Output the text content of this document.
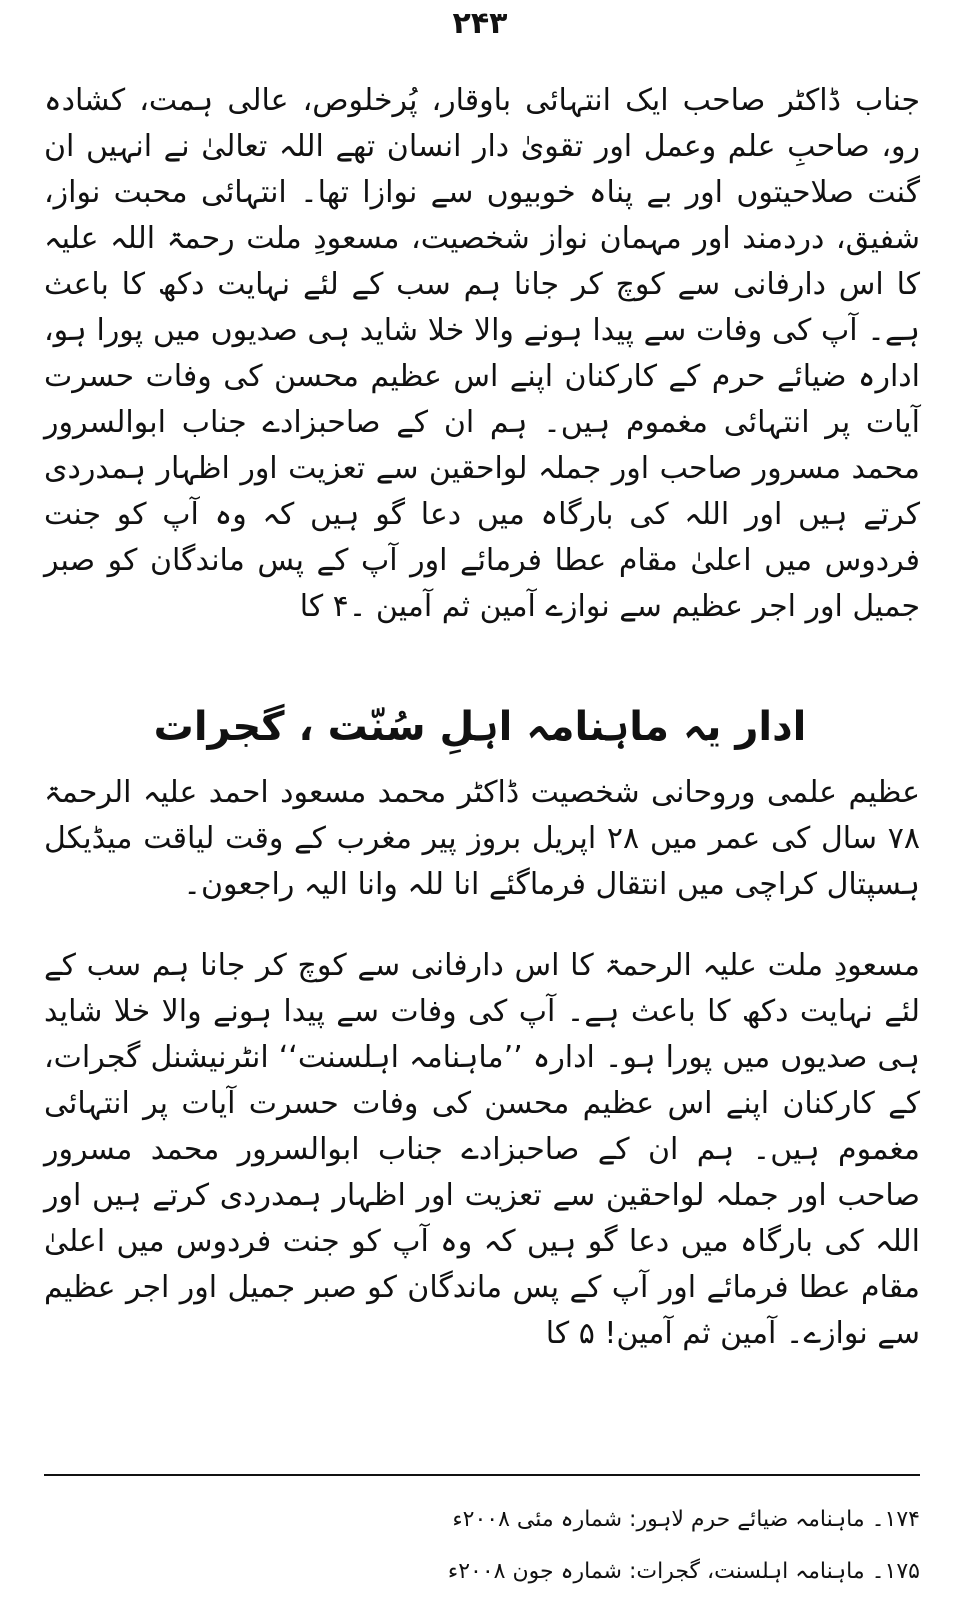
۲۴۳

جناب ڈاکٹر صاحب ایک انتہائی باوقار، پُرخلوص، عالی ہمت، کشادہ رو، صاحبِ علم وعمل اور تقویٰ دار انسان تھے اللہ تعالیٰ نے انہیں ان گنت صلاحیتوں اور بے پناہ خوبیوں سے نوازا تھا۔ انتہائی محبت نواز، شفیق، دردمند اور مہمان نواز شخصیت، مسعودِ ملت رحمۃ اللہ علیہ کا اس دارفانی سے کوچ کر جانا ہم سب کے لئے نہایت دکھ کا باعث ہے۔ آپ کی وفات سے پیدا ہونے والا خلا شاید ہی صدیوں میں پورا ہو، ادارہ ضیائے حرم کے کارکنان اپنے اس عظیم محسن کی وفات حسرت آیات پر انتہائی مغموم ہیں۔ ہم ان کے صاحبزادے جناب ابوالسرور محمد مسرور صاحب اور جملہ لواحقین سے تعزیت اور اظہار ہمدردی کرتے ہیں اور اللہ کی بارگاہ میں دعا گو ہیں کہ وہ آپ کو جنت فردوس میں اعلیٰ مقام عطا فرمائے اور آپ کے پس ماندگان کو صبر جمیل اور اجر عظیم سے نوازے آمین ثم آمین ۔۴ کا

ادار یہ ماہنامہ اہلِ سُنّت ، گجرات

عظیم علمی وروحانی شخصیت ڈاکٹر محمد مسعود احمد علیہ الرحمۃ ۷۸ سال کی عمر میں ۲۸ اپریل بروز پیر مغرب کے وقت لیاقت میڈیکل ہسپتال کراچی میں انتقال فرماگئے انا للہ وانا الیہ راجعون۔

مسعودِ ملت علیہ الرحمۃ کا اس دارفانی سے کوچ کر جانا ہم سب کے لئے نہایت دکھ کا باعث ہے۔ آپ کی وفات سے پیدا ہونے والا خلا شاید ہی صدیوں میں پورا ہو۔ ادارہ ’’ماہنامہ اہلسنت‘‘ انٹرنیشنل گجرات، کے کارکنان اپنے اس عظیم محسن کی وفات حسرت آیات پر انتہائی مغموم ہیں۔ ہم ان کے صاحبزادے جناب ابوالسرور محمد مسرور صاحب اور جملہ لواحقین سے تعزیت اور اظہار ہمدردی کرتے ہیں اور اللہ کی بارگاہ میں دعا گو ہیں کہ وہ آپ کو جنت فردوس میں اعلیٰ مقام عطا فرمائے اور آپ کے پس ماندگان کو صبر جمیل اور اجر عظیم سے نوازے۔ آمین ثم آمین! ۵ کا

۱۷۴۔ ماہنامہ ضیائے حرم لاہور: شمارہ مئی ۲۰۰۸ء

۱۷۵۔ ماہنامہ اہلسنت، گجرات: شمارہ جون ۲۰۰۸ء
